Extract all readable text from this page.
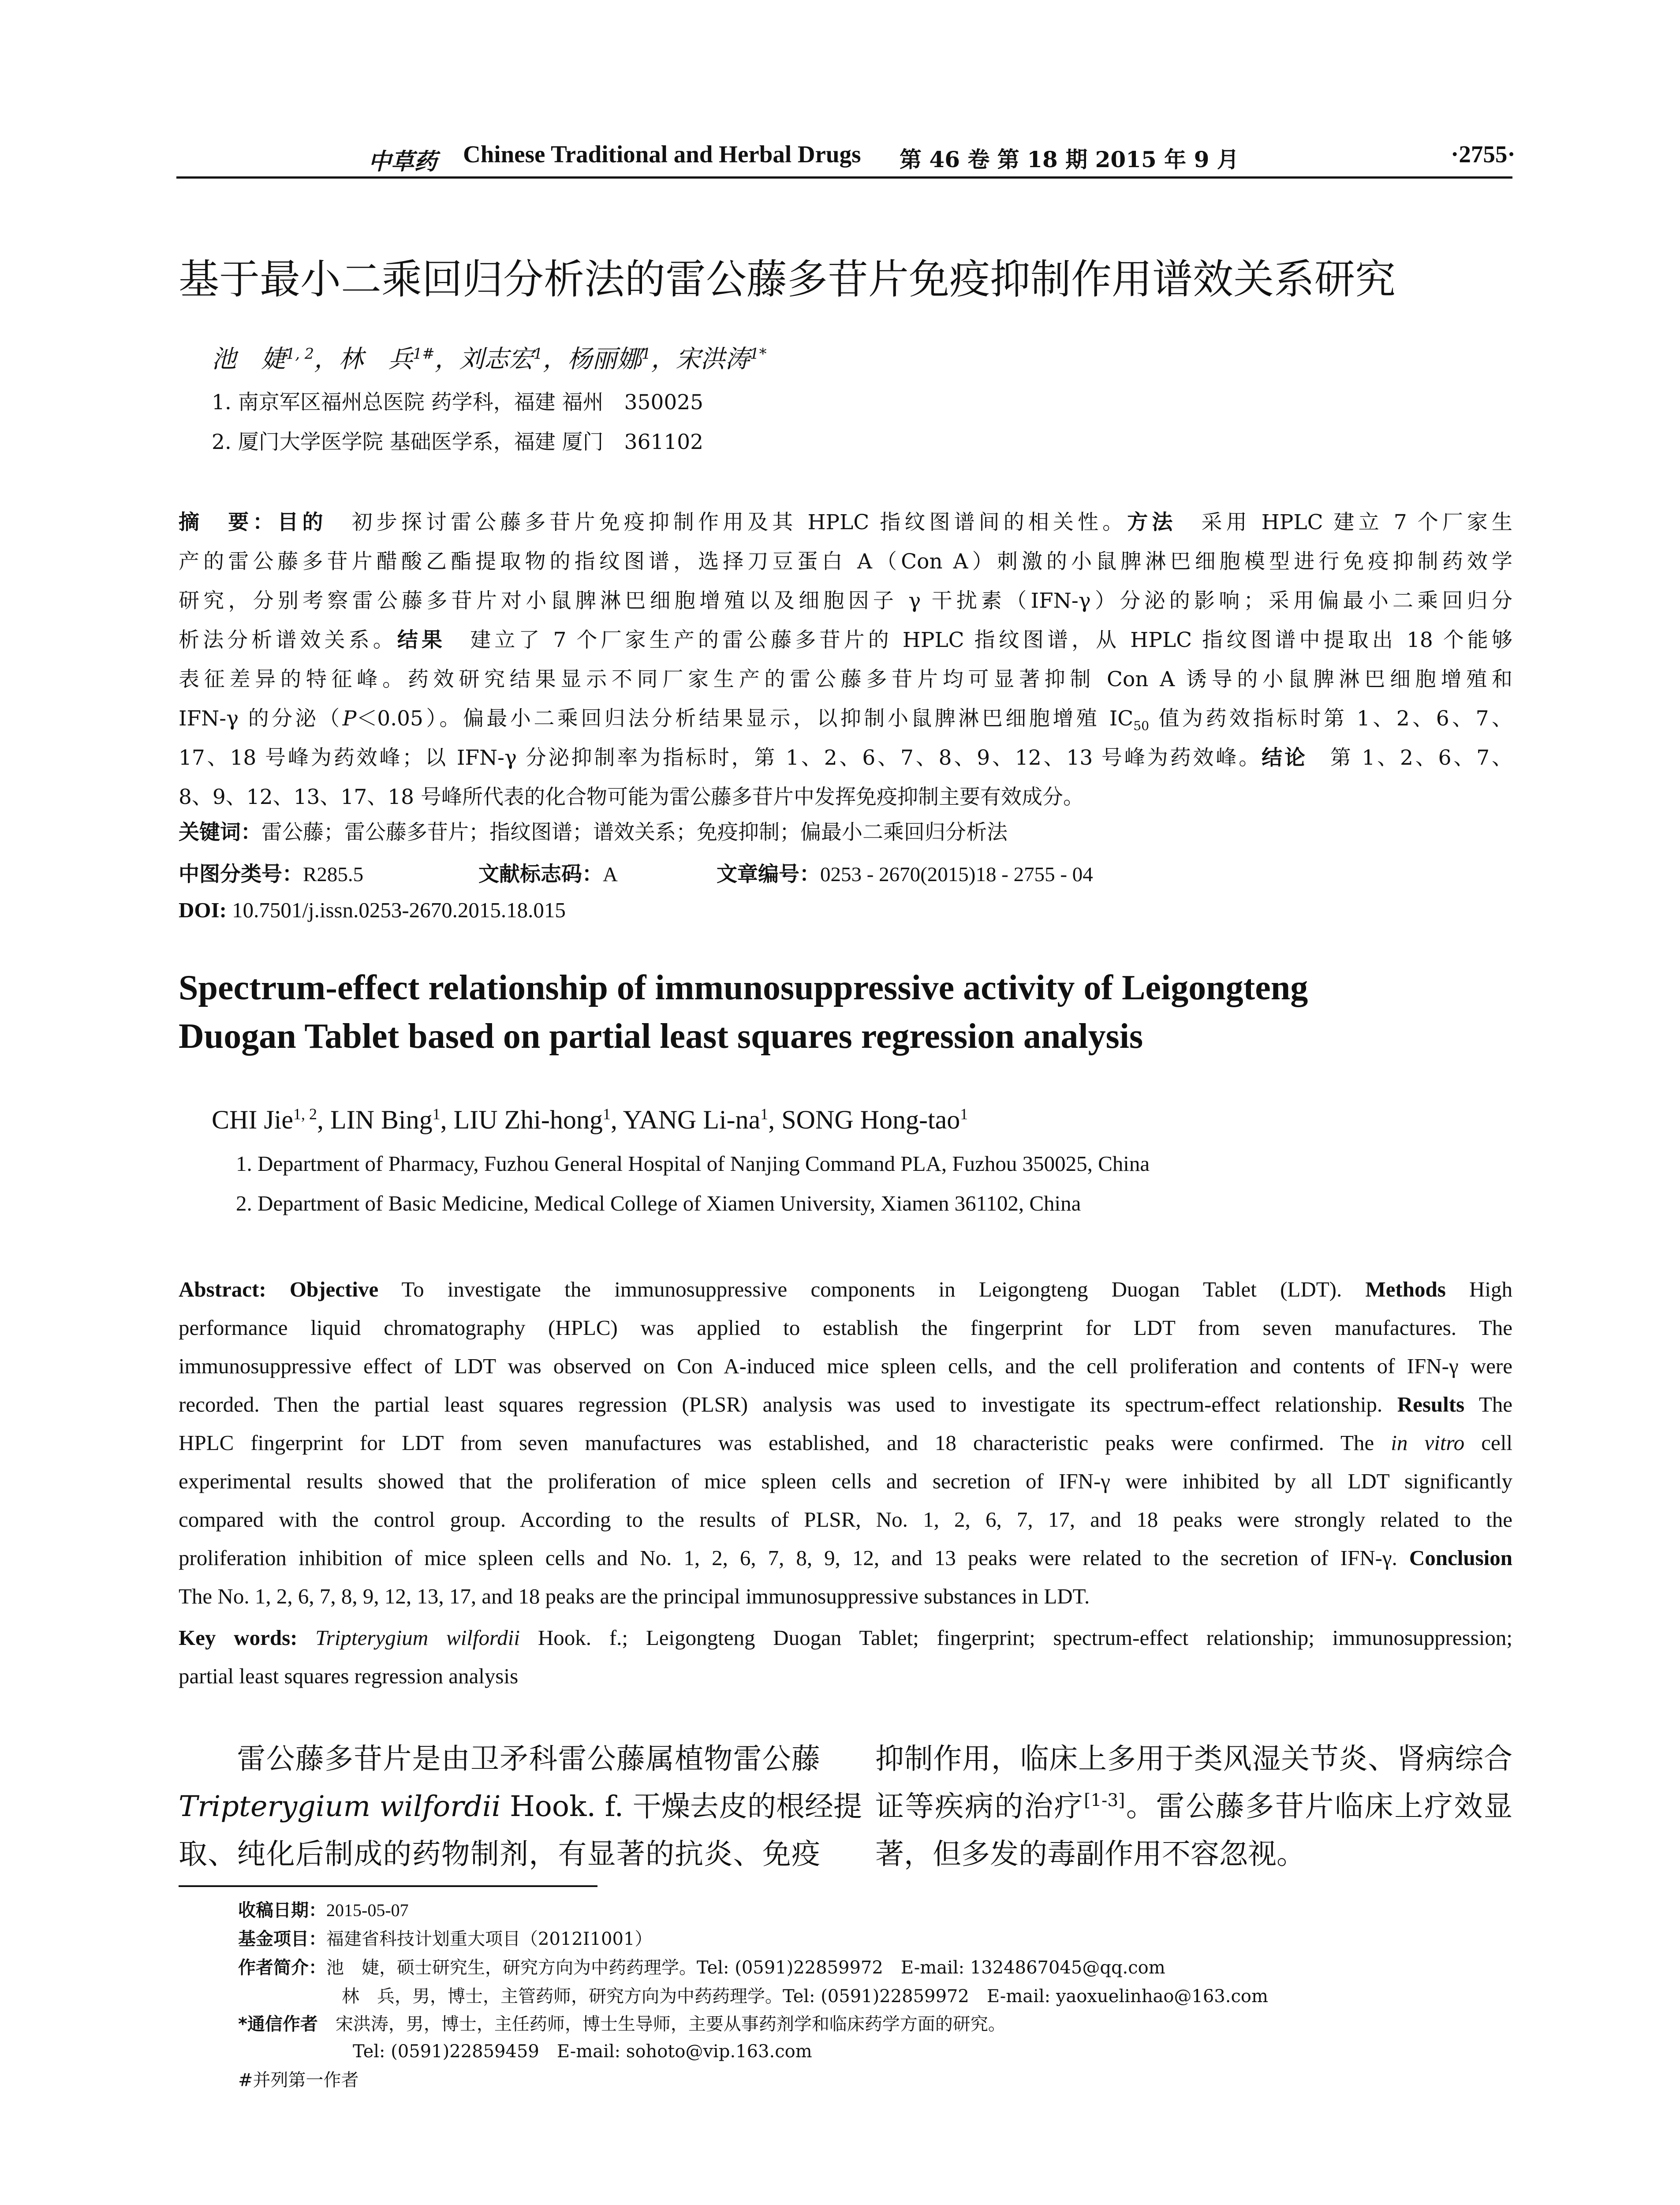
中草药 Chinese Traditional and Herbal Drugs 第 46 卷 第 18 期 2015 年 9 月	·2755·
基于最小二乘回归分析法的雷公藤多苷片免疫抑制作用谱效关系研究
池　婕$^{1, 2}$，林　兵$^{1\#}$，刘志宏$^1$，杨丽娜$^1$，宋洪涛$^{1*}$
1. 南京军区福州总医院 药学科，福建 福州　350025
2. 厦门大学医学院 基础医学系，福建 厦门　361102
摘　要：目的　初步探讨雷公藤多苷片免疫抑制作用及其 HPLC 指纹图谱间的相关性。方法　采用 HPLC 建立 7 个厂家生
产的雷公藤多苷片醋酸乙酯提取物的指纹图谱，选择刀豆蛋白 A（Con A）刺激的小鼠脾淋巴细胞模型进行免疫抑制药效学
研究，分别考察雷公藤多苷片对小鼠脾淋巴细胞增殖以及细胞因子 γ 干扰素（IFN-γ）分泌的影响；采用偏最小二乘回归分
析法分析谱效关系。结果　建立了 7 个厂家生产的雷公藤多苷片的 HPLC 指纹图谱，从 HPLC 指纹图谱中提取出 18 个能够
表征差异的特征峰。药效研究结果显示不同厂家生产的雷公藤多苷片均可显著抑制 Con A 诱导的小鼠脾淋巴细胞增殖和
IFN-γ 的分泌（P＜0.05）。偏最小二乘回归法分析结果显示，以抑制小鼠脾淋巴细胞增殖 $IC_{50}$ 值为药效指标时第 1、2、6、7、
17、18 号峰为药效峰；以 IFN-γ 分泌抑制率为指标时，第 1、2、6、7、8、9、12、13 号峰为药效峰。结论　第 1、2、6、7、
8、9、12、13、17、18 号峰所代表的化合物可能为雷公藤多苷片中发挥免疫抑制主要有效成分。
关键词：雷公藤；雷公藤多苷片；指纹图谱；谱效关系；免疫抑制；偏最小二乘回归分析法
中图分类号：R285.5	文献标志码：A	文章编号：0253 - 2670(2015)18 - 2755 - 04
DOI: 10.7501/j.issn.0253-2670.2015.18.015
Spectrum-effect relationship of immunosuppressive activity of Leigongteng
Duogan Tablet based on partial least squares regression analysis
CHI Jie$^{1, 2}$, LIN Bing$^1$, LIU Zhi-hong$^1$, YANG $Li-na^1$, SONG Hong-tao$^1$
1. Department of Pharmacy, Fuzhou General Hospital of Nanjing Command PLA, Fuzhou 350025, China
2. Department of Basic Medicine, Medical College of Xiamen University, Xiamen 361102, China
Abstract: Objective To investigate the immunosuppressive components in Leigongteng Duogan Tablet (LDT). Methods High
performance liquid chromatography (HPLC) was applied to establish the fingerprint for LDT from seven manufactures. The
immunosuppressive effect of LDT was observed on Con A-induced mice spleen cells, and the cell proliferation and contents of IFN-γ were
recorded. Then the partial least squares regression (PLSR) analysis was used to investigate its spectrum-effect relationship. Results The
HPLC fingerprint for LDT from seven manufactures was established, and 18 characteristic peaks were confirmed. The in vitro cell
experimental results showed that the proliferation of mice spleen cells and secretion of IFN-γ were inhibited by all LDT significantly
compared with the control group. According to the results of PLSR, No. 1, 2, 6, 7, 17, and 18 peaks were strongly related to the
proliferation inhibition of mice spleen cells and No. 1, 2, 6, 7, 8, 9, 12, and 13 peaks were related to the secretion of IFN-γ. Conclusion
The No. 1, 2, 6, 7, 8, 9, 12, 13, 17, and 18 peaks are the principal immunosuppressive substances in LDT.
Key words: Tripterygium wilfordii Hook. f.; Leigongteng Duogan Tablet; fingerprint; spectrum-effect relationship; immunosuppression;
partial least squares regression analysis
　　雷公藤多苷片是由卫矛科雷公藤属植物雷公藤
Tripterygium wilfordii Hook. f. 干燥去皮的根经提
取、纯化后制成的药物制剂，有显著的抗炎、免疫
抑制作用，临床上多用于类风湿关节炎、肾病综合
证等疾病的治疗[1-3]。雷公藤多苷片临床上疗效显
著，但多发的毒副作用不容忽视。
收稿日期：2015-05-07
基金项目：福建省科技计划重大项目（2012I1001）
作者简介：池　婕，硕士研究生，研究方向为中药药理学。Tel: (0591)22859972　E-mail: 1324867045@qq.com
林　兵，男，博士，主管药师，研究方向为中药药理学。Tel: (0591)22859972　E-mail: yaoxuelinhao@163.com
*通信作者　 宋洪涛，男，博士，主任药师，博士生导师，主要从事药剂学和临床药学方面的研究。
Tel: (0591)22859459　E-mail: sohoto@vip.163.com
#并列第一作者
